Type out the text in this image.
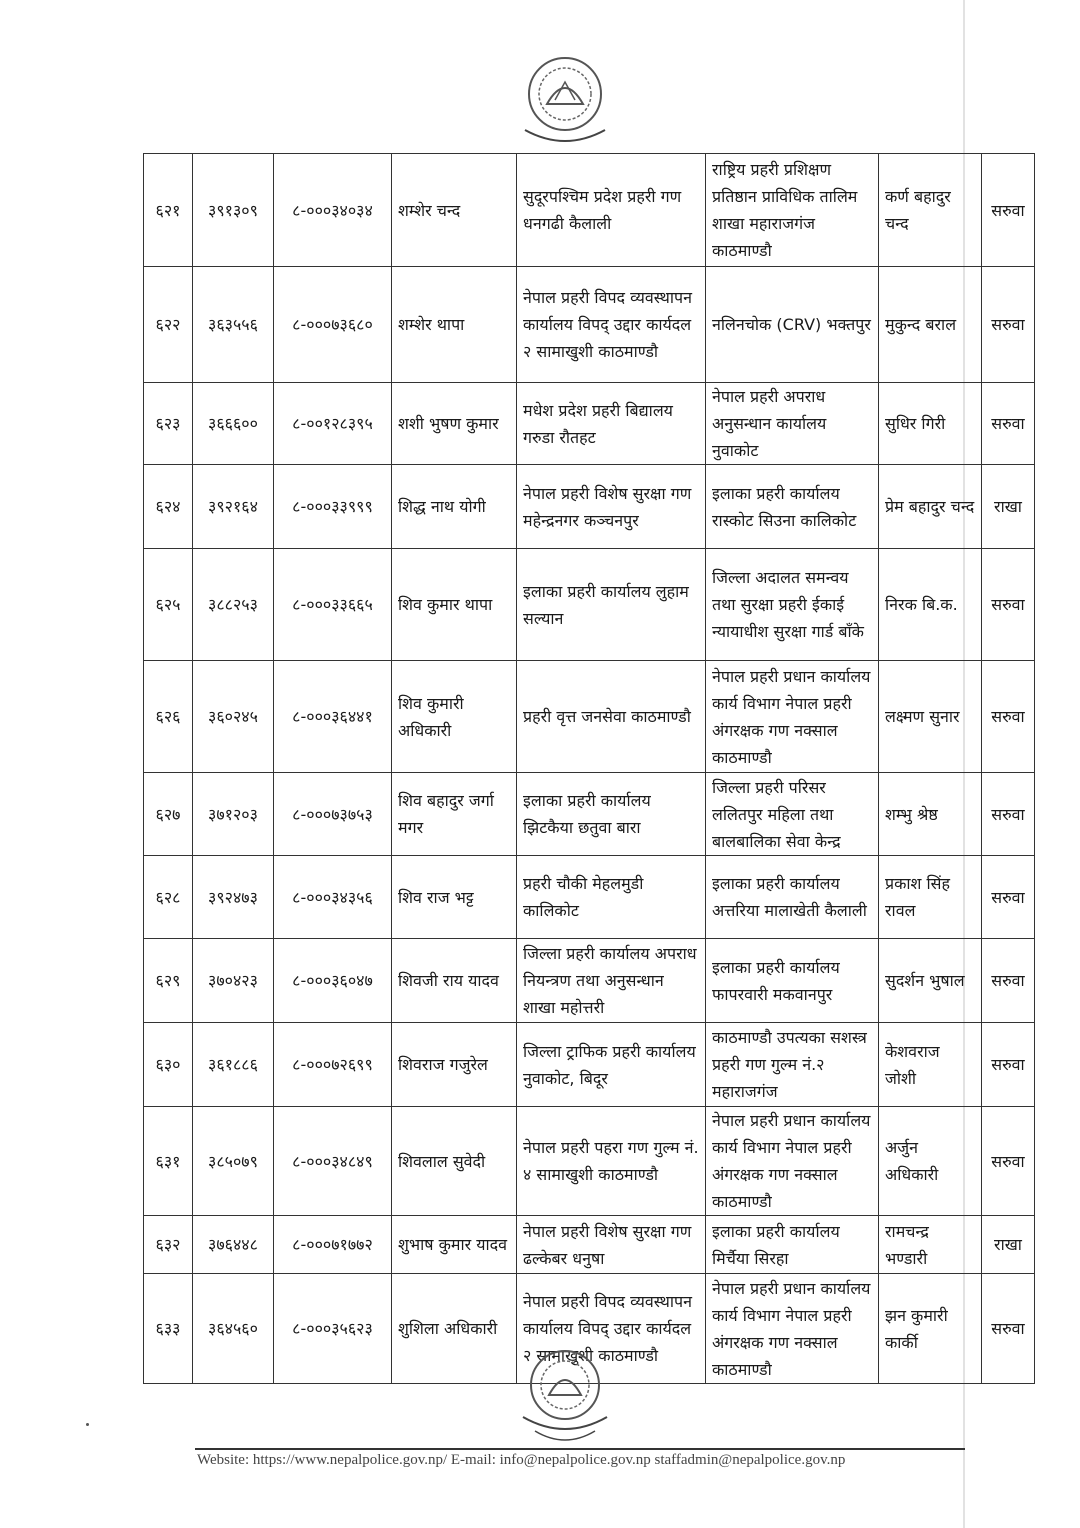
६२१	३९१३०९	८-०००३४०३४	शम्शेर चन्द	सुदूरपश्चिम प्रदेश प्रहरी गण धनगढी कैलाली	राष्ट्रिय प्रहरी प्रशिक्षण प्रतिष्ठान प्राविधिक तालिम शाखा महाराजगंज काठमाण्डौ	कर्ण बहादुर चन्द	सरुवा
६२२	३६३५५६	८-०००७३६८०	शम्शेर थापा	नेपाल प्रहरी विपद व्यवस्थापन कार्यालय विपद् उद्दार कार्यदल २ सामाखुशी काठमाण्डौ	नलिनचोक (CRV) भक्तपुर	मुकुन्द बराल	सरुवा
६२३	३६६६००	८-००१२८३९५	शशी भुषण कुमार	मधेश प्रदेश प्रहरी बिद्यालय गरुडा रौतहट	नेपाल प्रहरी अपराध अनुसन्धान कार्यालय नुवाकोट	सुधिर गिरी	सरुवा
६२४	३९२१६४	८-०००३३९९९	शिद्ध नाथ योगी	नेपाल प्रहरी विशेष सुरक्षा गण महेन्द्रनगर कञ्चनपुर	इलाका प्रहरी कार्यालय रास्कोट सिउना कालिकोट	प्रेम बहादुर चन्द	राखा
६२५	३८८२५३	८-०००३३६६५	शिव कुमार थापा	इलाका प्रहरी कार्यालय लुहाम सल्यान	जिल्ला अदालत समन्वय तथा सुरक्षा प्रहरी ईकाई न्यायाधीश सुरक्षा गार्ड बाँके	निरक बि.क.	सरुवा
६२६	३६०२४५	८-०००३६४४१	शिव कुमारी अधिकारी	प्रहरी वृत्त जनसेवा काठमाण्डौ	नेपाल प्रहरी प्रधान कार्यालय कार्य विभाग नेपाल प्रहरी अंगरक्षक गण नक्साल काठमाण्डौ	लक्ष्मण सुनार	सरुवा
६२७	३७१२०३	८-०००७३७५३	शिव बहादुर जर्गा मगर	इलाका प्रहरी कार्यालय झिटकैया छतुवा बारा	जिल्ला प्रहरी परिसर ललितपुर महिला तथा बालबालिका सेवा केन्द्र	शम्भु श्रेष्ठ	सरुवा
६२८	३९२४७३	८-०००३४३५६	शिव राज भट्ट	प्रहरी चौकी मेहलमुडी कालिकोट	इलाका प्रहरी कार्यालय अत्तरिया मालाखेती कैलाली	प्रकाश सिंह रावल	सरुवा
६२९	३७०४२३	८-०००३६०४७	शिवजी राय यादव	जिल्ला प्रहरी कार्यालय अपराध नियन्त्रण तथा अनुसन्धान शाखा महोत्तरी	इलाका प्रहरी कार्यालय फापरवारी मकवानपुर	सुदर्शन भुषाल	सरुवा
६३०	३६१८८६	८-०००७२६९९	शिवराज गजुरेल	जिल्ला ट्राफिक प्रहरी कार्यालय नुवाकोट, बिदूर	काठमाण्डौ उपत्यका सशस्त्र प्रहरी गण गुल्म नं.२ महाराजगंज	केशवराज जोशी	सरुवा
६३१	३८५०७९	८-०००३४८४९	शिवलाल सुवेदी	नेपाल प्रहरी पहरा गण गुल्म नं. ४ सामाखुशी काठमाण्डौ	नेपाल प्रहरी प्रधान कार्यालय कार्य विभाग नेपाल प्रहरी अंगरक्षक गण नक्साल काठमाण्डौ	अर्जुन अधिकारी	सरुवा
६३२	३७६४४८	८-०००७१७७२	शुभाष कुमार यादव	नेपाल प्रहरी विशेष सुरक्षा गण ढल्केबर धनुषा	इलाका प्रहरी कार्यालय मिर्चैया सिरहा	रामचन्द्र भण्डारी	राखा
६३३	३६४५६०	८-०००३५६२३	शुशिला अधिकारी	नेपाल प्रहरी विपद व्यवस्थापन कार्यालय विपद् उद्दार कार्यदल २ सामाखुशी काठमाण्डौ	नेपाल प्रहरी प्रधान कार्यालय कार्य विभाग नेपाल प्रहरी अंगरक्षक गण नक्साल काठमाण्डौ	झन कुमारी कार्की	सरुवा
Website: https://www.nepalpolice.gov.np/ E-mail: info@nepalpolice.gov.np staffadmin@nepalpolice.gov.np
